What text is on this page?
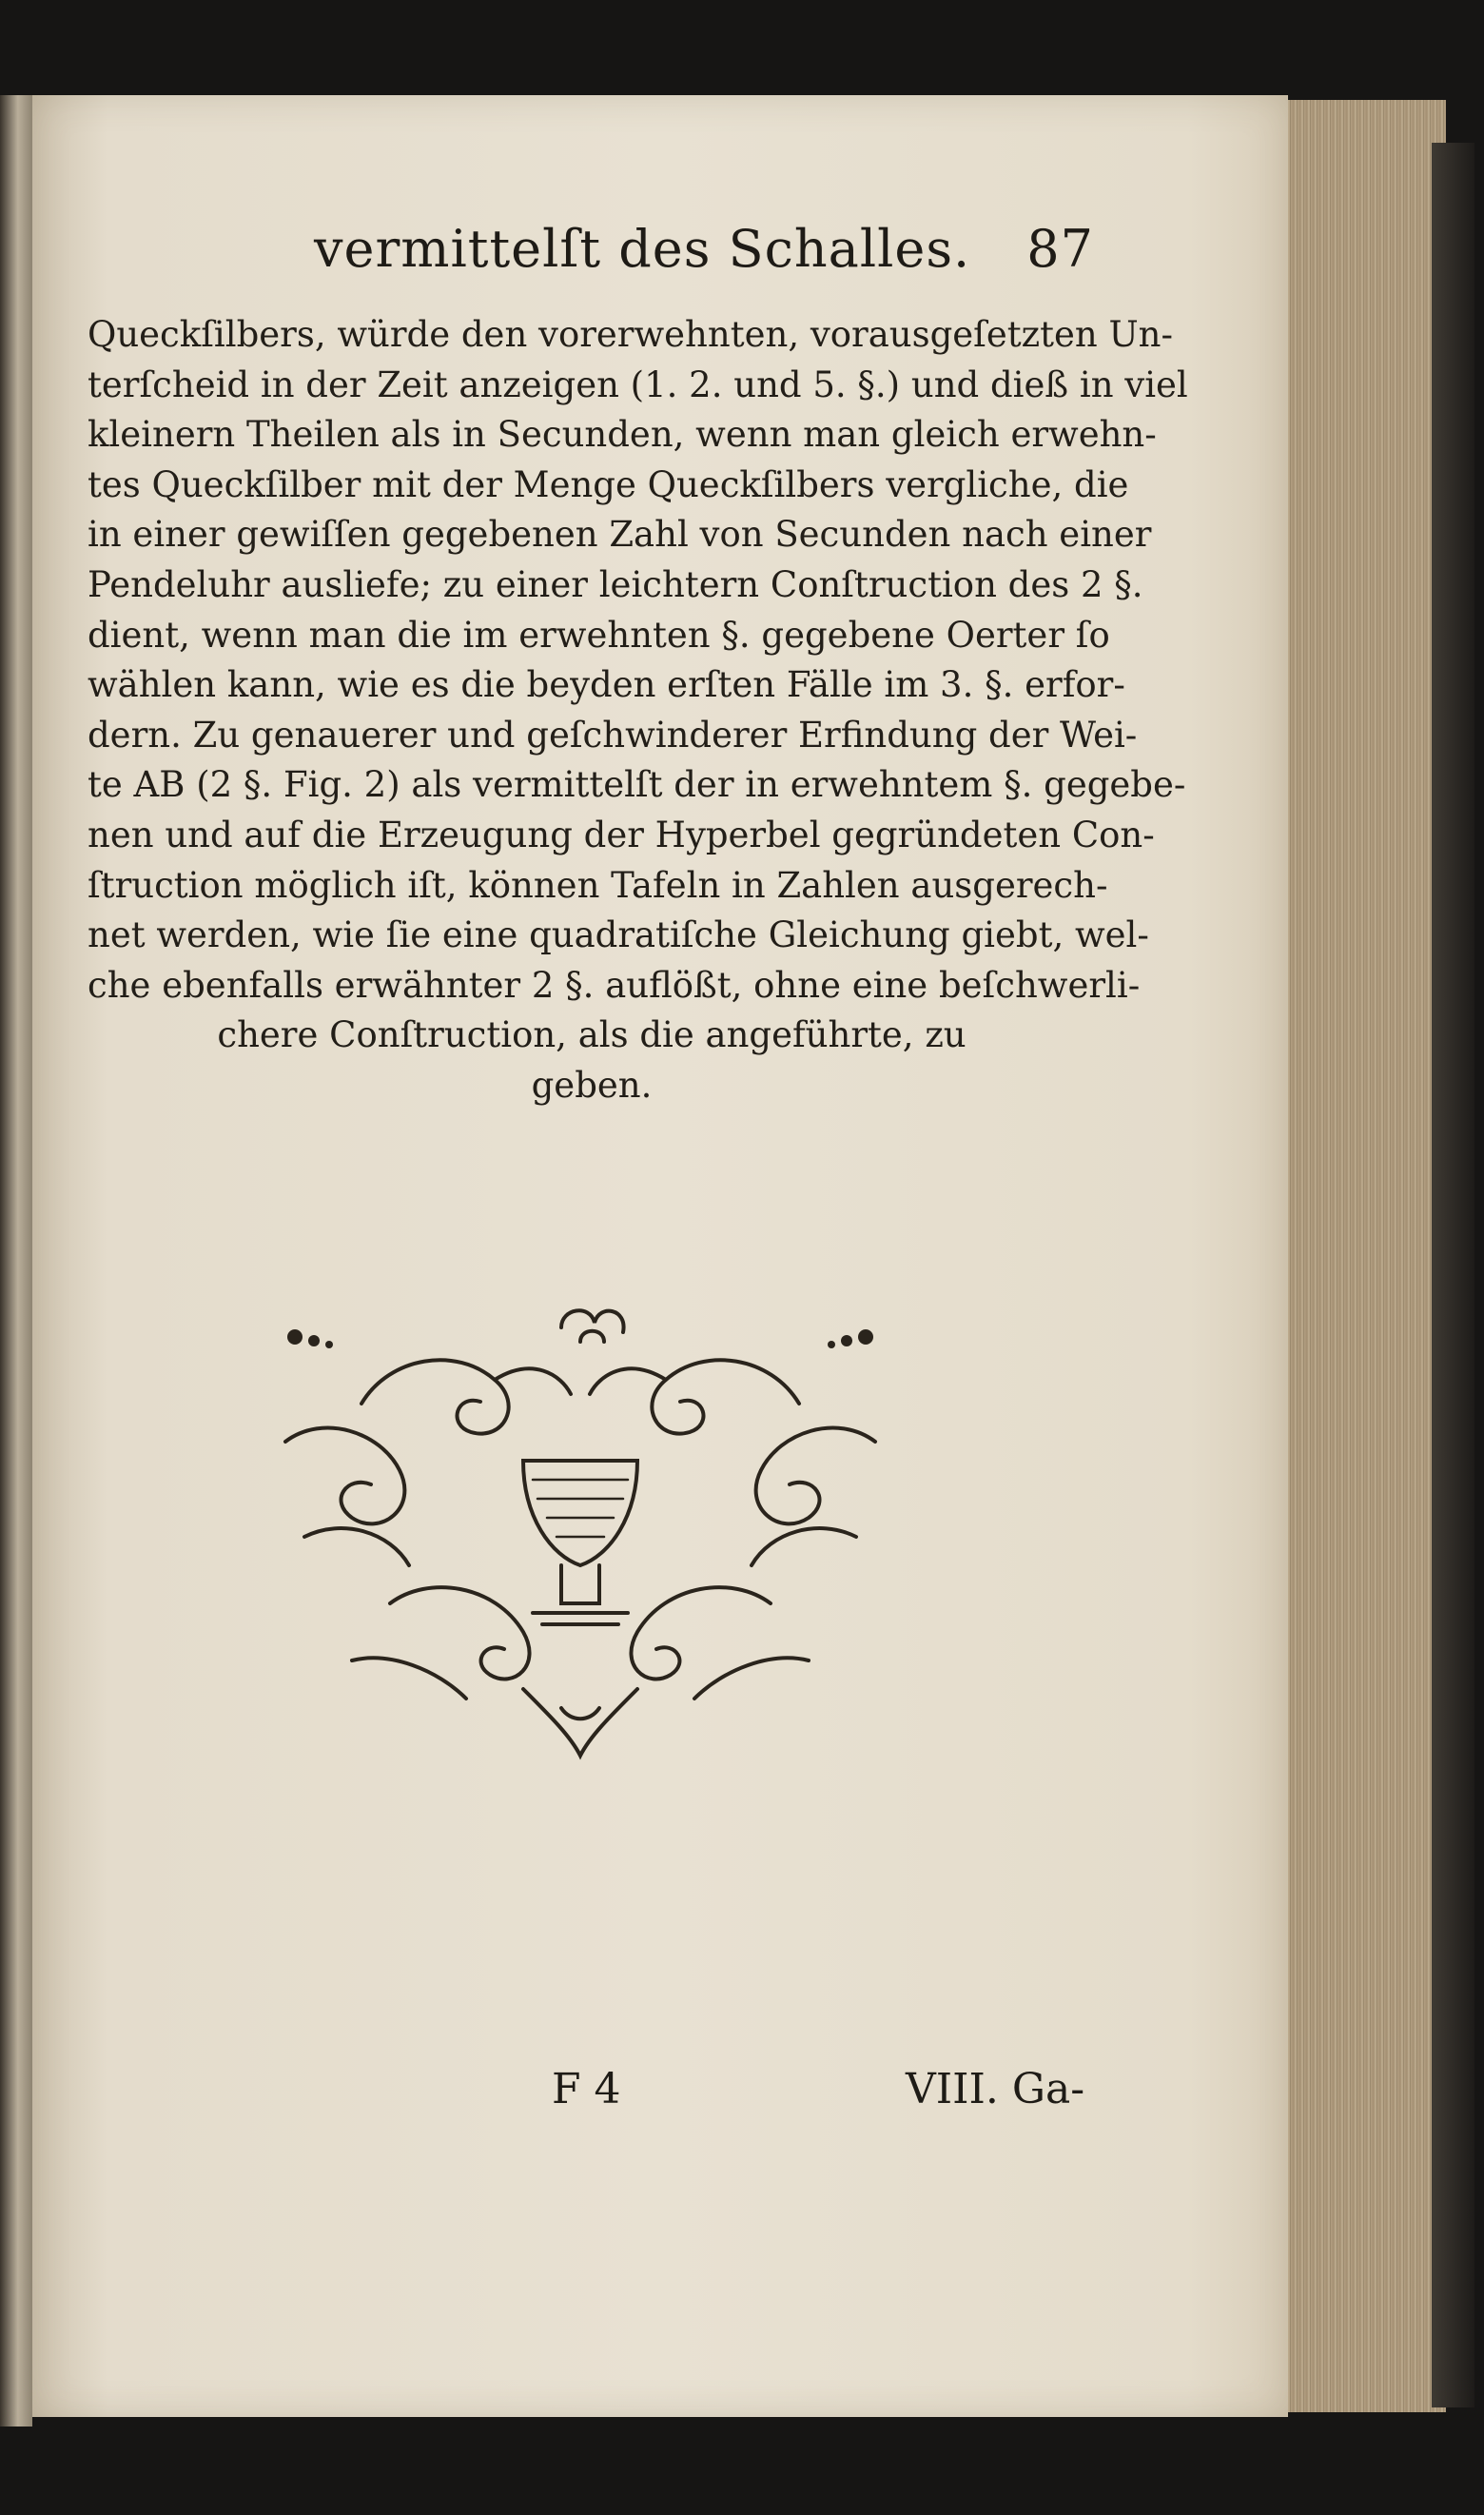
vermittelſt des Schalles. 87
Queckſilbers, würde den vorerwehnten, vorausgeſetzten Un-
terſcheid in der Zeit anzeigen (1. 2. und 5. §.) und dieß in viel
kleinern Theilen als in Secunden, wenn man gleich erwehn-
tes Queckſilber mit der Menge Queckſilbers vergliche, die
in einer gewiſſen gegebenen Zahl von Secunden nach einer
Pendeluhr ausliefe; zu einer leichtern Conſtruction des 2 §.
dient, wenn man die im erwehnten §. gegebene Oerter ſo
wählen kann, wie es die beyden erſten Fälle im 3. §. erfor-
dern. Zu genauerer und geſchwinderer Erfindung der Wei-
te AB (2 §. Fig. 2) als vermittelſt der in erwehntem §. gegebe-
nen und auf die Erzeugung der Hyperbel gegründeten Con-
ſtruction möglich iſt, können Tafeln in Zahlen ausgerech-
net werden, wie ſie eine quadratiſche Gleichung giebt, wel-
che ebenfalls erwähnter 2 §. auflößt, ohne eine beſchwerli-
chere Conſtruction, als die angeführte, zu
geben.
F 4	VIII. Ga-
